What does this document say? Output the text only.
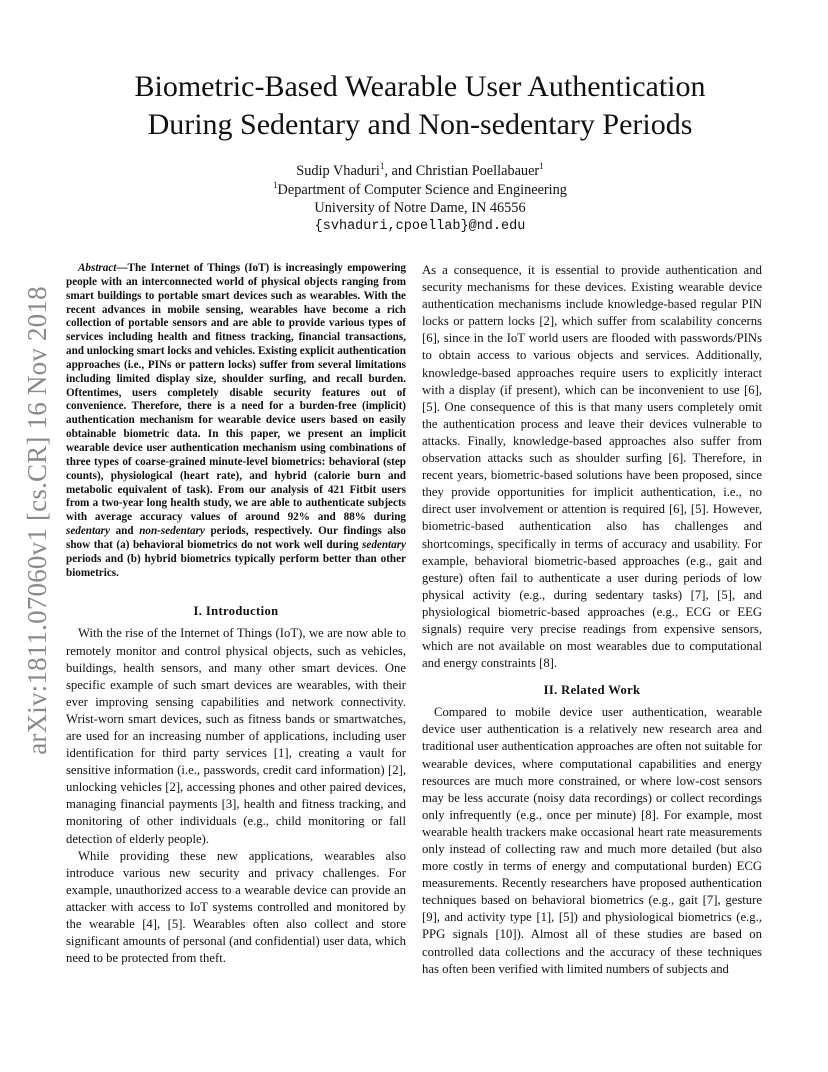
arXiv:1811.07060v1 [cs.CR] 16 Nov 2018
Biometric-Based Wearable User Authentication
During Sedentary and Non-sedentary Periods
Sudip Vhaduri$^1$, and Christian Poellabauer$^1$
$^1$Department of Computer Science and Engineering
University of Notre Dame, IN 46556
{svhaduri,cpoellab}@nd.edu

Abstract—The Internet of Things (IoT) is increasingly empowering people with an interconnected world of physical objects ranging from smart buildings to portable smart devices such as wearables. With the recent advances in mobile sensing, wearables have become a rich collection of portable sensors and are able to provide various types of services including health and fitness tracking, financial transactions, and unlocking smart locks and vehicles. Existing explicit authentication approaches (i.e., PINs or pattern locks) suffer from several limitations including limited display size, shoulder surfing, and recall burden. Oftentimes, users completely disable security features out of convenience. Therefore, there is a need for a burden-free (implicit) authentication mechanism for wearable device users based on easily obtainable biometric data. In this paper, we present an implicit wearable device user authentication mechanism using combinations of three types of coarse-grained minute-level biometrics: behavioral (step counts), physiological (heart rate), and hybrid (calorie burn and metabolic equivalent of task). From our analysis of 421 Fitbit users from a two-year long health study, we are able to authenticate subjects with average accuracy values of around 92% and 88% during sedentary and non-sedentary periods, respectively. Our findings also show that (a) behavioral biometrics do not work well during sedentary periods and (b) hybrid biometrics typically perform better than other biometrics.

I. Introduction

With the rise of the Internet of Things (IoT), we are now able to remotely monitor and control physical objects, such as vehicles, buildings, health sensors, and many other smart devices. One specific example of such smart devices are wearables, with their ever improving sensing capabilities and network connectivity. Wrist-worn smart devices, such as fitness bands or smartwatches, are used for an increasing number of applications, including user identification for third party services [1], creating a vault for sensitive information (i.e., passwords, credit card information) [2], unlocking vehicles [2], accessing phones and other paired devices, managing financial payments [3], health and fitness tracking, and monitoring of other individuals (e.g., child monitoring or fall detection of elderly people).

While providing these new applications, wearables also introduce various new security and privacy challenges. For example, unauthorized access to a wearable device can provide an attacker with access to IoT systems controlled and monitored by the wearable [4], [5]. Wearables often also collect and store significant amounts of personal (and confidential) user data, which need to be protected from theft.

As a consequence, it is essential to provide authentication and security mechanisms for these devices. Existing wearable device authentication mechanisms include knowledge-based regular PIN locks or pattern locks [2], which suffer from scalability concerns [6], since in the IoT world users are flooded with passwords/PINs to obtain access to various objects and services. Additionally, knowledge-based approaches require users to explicitly interact with a display (if present), which can be inconvenient to use [6], [5]. One consequence of this is that many users completely omit the authentication process and leave their devices vulnerable to attacks. Finally, knowledge-based approaches also suffer from observation attacks such as shoulder surfing [6]. Therefore, in recent years, biometric-based solutions have been proposed, since they provide opportunities for implicit authentication, i.e., no direct user involvement or attention is required [6], [5]. However, biometric-based authentication also has challenges and shortcomings, specifically in terms of accuracy and usability. For example, behavioral biometric-based approaches (e.g., gait and gesture) often fail to authenticate a user during periods of low physical activity (e.g., during sedentary tasks) [7], [5], and physiological biometric-based approaches (e.g., ECG or EEG signals) require very precise readings from expensive sensors, which are not available on most wearables due to computational and energy constraints [8].

II. Related Work

Compared to mobile device user authentication, wearable device user authentication is a relatively new research area and traditional user authentication approaches are often not suitable for wearable devices, where computational capabilities and energy resources are much more constrained, or where low-cost sensors may be less accurate (noisy data recordings) or collect recordings only infrequently (e.g., once per minute) [8]. For example, most wearable health trackers make occasional heart rate measurements only instead of collecting raw and much more detailed (but also more costly in terms of energy and computational burden) ECG measurements. Recently researchers have proposed authentication techniques based on behavioral biometrics (e.g., gait [7], gesture [9], and activity type [1], [5]) and physiological biometrics (e.g., PPG signals [10]). Almost all of these studies are based on controlled data collections and the accuracy of these techniques has often been verified with limited numbers of subjects and
